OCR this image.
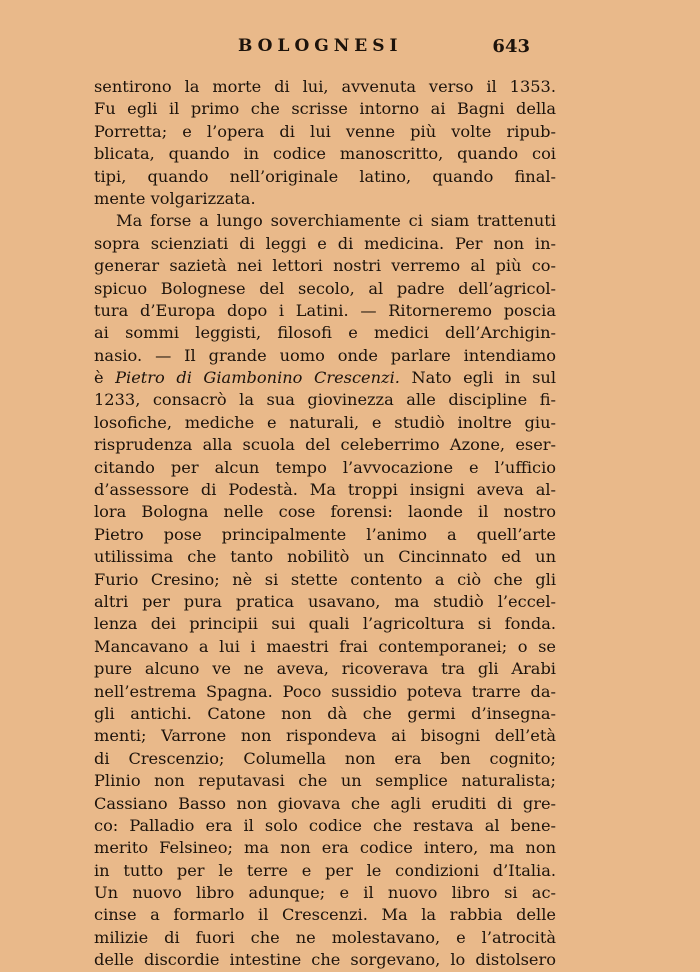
BOLOGNESI	643
sentirono la morte di lui, avvenuta verso il 1353.
Fu egli il primo che scrisse intorno ai Bagni della
Porretta; e l’opera di lui venne più volte ripub-
blicata, quando in codice manoscritto, quando coi
tipi, quando nell’originale latino, quando final-
mente volgarizzata.
Ma forse a lungo soverchiamente ci siam trattenuti
sopra scienziati di leggi e di medicina. Per non in-
generar sazietà nei lettori nostri verremo al più co-
spicuo Bolognese del secolo, al padre dell’agricol-
tura d’Europa dopo i Latini. — Ritorneremo poscia
ai sommi leggisti, filosofi e medici dell’Archigin-
nasio. — Il grande uomo onde parlare intendiamo
è Pietro di Giambonino Crescenzi. Nato egli in sul
1233, consacrò la sua giovinezza alle discipline fi-
losofiche, mediche e naturali, e studiò inoltre giu-
risprudenza alla scuola del celeberrimo Azone, eser-
citando per alcun tempo l’avvocazione e l’ufficio
d’assessore di Podestà. Ma troppi insigni aveva al-
lora Bologna nelle cose forensi: laonde il nostro
Pietro pose principalmente l’animo a quell’arte
utilissima che tanto nobilitò un Cincinnato ed un
Furio Cresino; nè si stette contento a ciò che gli
altri per pura pratica usavano, ma studiò l’eccel-
lenza dei principii sui quali l’agricoltura si fonda.
Mancavano a lui i maestri frai contemporanei; o se
pure alcuno ve ne aveva, ricoverava tra gli Arabi
nell’estrema Spagna. Poco sussidio poteva trarre da-
gli antichi. Catone non dà che germi d’insegna-
menti; Varrone non rispondeva ai bisogni dell’età
di Crescenzio; Columella non era ben cognito;
Plinio non reputavasi che un semplice naturalista;
Cassiano Basso non giovava che agli eruditi di gre-
co: Palladio era il solo codice che restava al bene-
merito Felsineo; ma non era codice intero, ma non
in tutto per le terre e per le condizioni d’Italia.
Un nuovo libro adunque; e il nuovo libro si ac-
cinse a formarlo il Crescenzi. Ma la rabbia delle
milizie di fuori che ne molestavano, e l’atrocità
delle discordie intestine che sorgevano, lo distolsero
